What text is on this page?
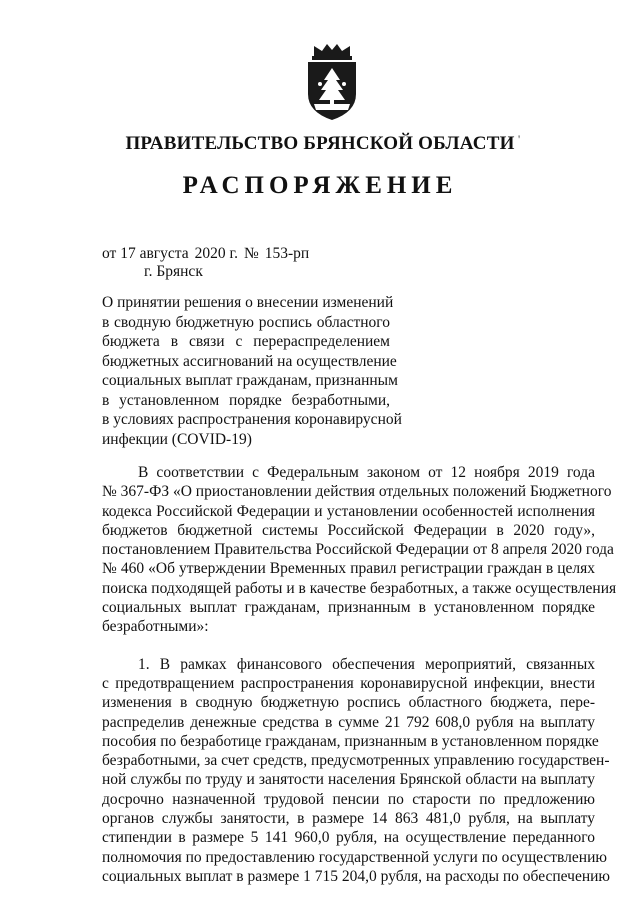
ПРАВИТЕЛЬСТВО БРЯНСКОЙ ОБЛАСТИ '
РАСПОРЯЖЕНИЕ
от 17 августа 2020 г. № 153-рп
г. Брянск
О принятии решения о внесении изменений
в сводную бюджетную роспись областного
бюджета в связи с перераспределением
бюджетных ассигнований на осуществление
социальных выплат гражданам, признанным
в установленном порядке безработными,
в условиях распространения коронавирусной
инфекции (COVID-19)
В соответствии с Федеральным законом от 12 ноября 2019 года
№ 367-ФЗ «О приостановлении действия отдельных положений Бюджетного
кодекса Российской Федерации и установлении особенностей исполнения
бюджетов бюджетной системы Российской Федерации в 2020 году»,
постановлением Правительства Российской Федерации от 8 апреля 2020 года
№ 460 «Об утверждении Временных правил регистрации граждан в целях
поиска подходящей работы и в качестве безработных, а также осуществления
социальных выплат гражданам, признанным в установленном порядке
безработными»:
1. В рамках финансового обеспечения мероприятий, связанных
с предотвращением распространения коронавирусной инфекции, внести
изменения в сводную бюджетную роспись областного бюджета, пере-
распределив денежные средства в сумме 21 792 608,0 рубля на выплату
пособия по безработице гражданам, признанным в установленном порядке
безработными, за счет средств, предусмотренных управлению государствен-
ной службы по труду и занятости населения Брянской области на выплату
досрочно назначенной трудовой пенсии по старости по предложению
органов службы занятости, в размере 14 863 481,0 рубля, на выплату
стипендии в размере 5 141 960,0 рубля, на осуществление переданного
полномочия по предоставлению государственной услуги по осуществлению
социальных выплат в размере 1 715 204,0 рубля, на расходы по обеспечению
